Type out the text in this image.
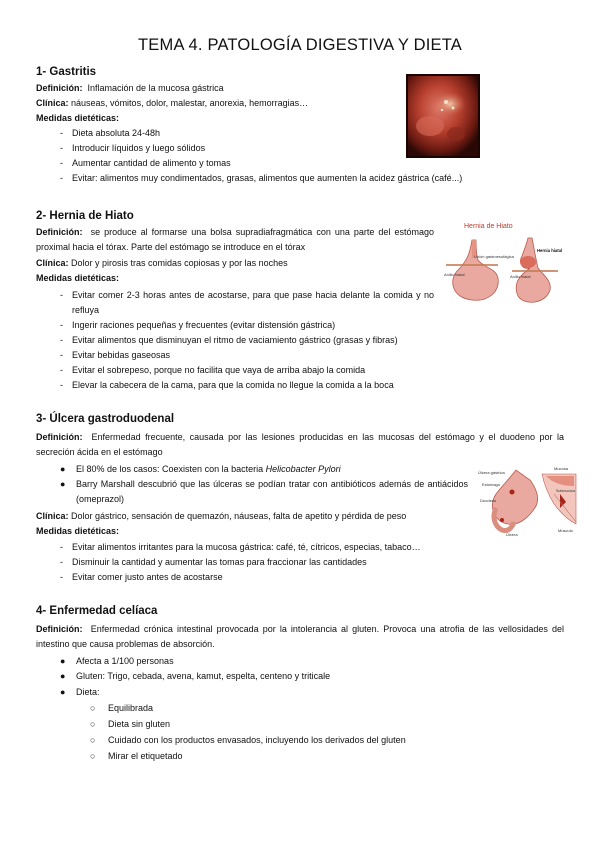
TEMA 4. PATOLOGÍA DIGESTIVA Y DIETA
1- Gastritis
Definición: Inflamación de la mucosa gástrica
Clínica: náuseas, vómitos, dolor, malestar, anorexia, hemorragias…
Medidas dietéticas:
- Dieta absoluta 24-48h
- Introducir líquidos y luego sólidos
- Aumentar cantidad de alimento y tomas
- Evitar: alimentos muy condimentados, grasas, alimentos que aumenten la acidez gástrica (café...)
2- Hernia de Hiato
Definición: se produce al formarse una bolsa supradiafragmática con una parte del estómago proximal hacia el tórax. Parte del estómago se introduce en el tórax
Clínica: Dolor y pirosis tras comidas copiosas y por las noches
Medidas dietéticas:
- Evitar comer 2-3 horas antes de acostarse, para que pase hacia delante la comida y no refluya
- Ingerir raciones pequeñas y frecuentes (evitar distensión gástrica)
- Evitar alimentos que disminuyan el ritmo de vaciamiento gástrico (grasas y fibras)
- Evitar bebidas gaseosas
- Evitar el sobrepeso, porque no facilita que vaya de arriba abajo la comida
- Elevar la cabecera de la cama, para que la comida no llegue la comida a la boca
Hernia de Hiato
Unión gastroesofágica
Hernia hiatal
Anillo hiatal	Anillo hiatal
3- Úlcera gastroduodenal
Definición: Enfermedad frecuente, causada por las lesiones producidas en las mucosas del estómago y el duodeno por la secreción ácida en el estómago
● El 80% de los casos: Coexisten con la bacteria Helicobacter Pylori
● Barry Marshall descubrió que las úlceras se podían tratar con antibióticos además de antiácidos (omeprazol)
Clínica: Dolor gástrico, sensación de quemazón, náuseas, falta de apetito y pérdida de peso
Medidas dietéticas:
- Evitar alimentos irritantes para la mucosa gástrica: café, té, cítricos, especias, tabaco…
- Disminuir la cantidad y aumentar las tomas para fraccionar las cantidades
- Evitar comer justo antes de acostarse
Úlcera gástrica
Estómago
Duodeno
Úlcera
Mucosa
Submucosa
Músculo
4- Enfermedad celíaca
Definición: Enfermedad crónica intestinal provocada por la intolerancia al gluten. Provoca una atrofia de las vellosidades del intestino que causa problemas de absorción.
● Afecta a 1/100 personas
● Gluten: Trigo, cebada, avena, kamut, espelta, centeno y triticale
● Dieta:
○ Equilibrada
○ Dieta sin gluten
○ Cuidado con los productos envasados, incluyendo los derivados del gluten
○ Mirar el etiquetado
